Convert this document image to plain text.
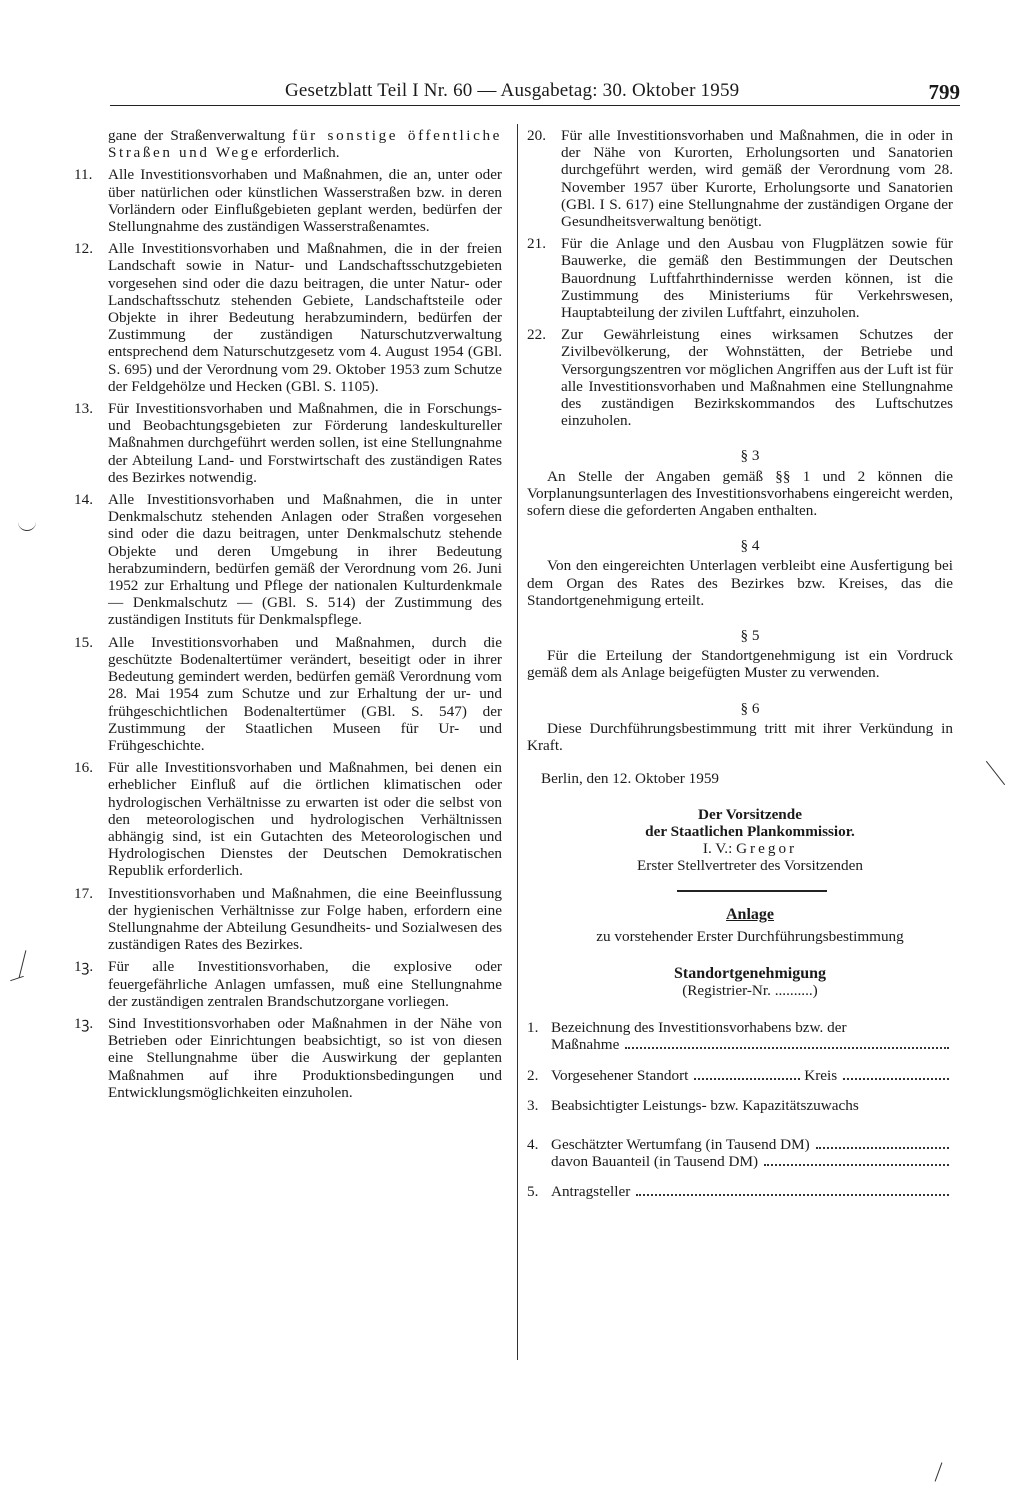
Gesetzblatt Teil I Nr. 60 — Ausgabetag: 30. Oktober 1959	799

gane der Straßenverwaltung für sonstige öffentliche Straßen und Wege erforderlich.

11. Alle Investitionsvorhaben und Maßnahmen, die an, unter oder über natürlichen oder künstlichen Wasserstraßen bzw. in deren Vorländern oder Einflußgebieten geplant werden, bedürfen der Stellungnahme des zuständigen Wasserstraßenamtes.
12. Alle Investitionsvorhaben und Maßnahmen, die in der freien Landschaft sowie in Natur- und Landschaftsschutzgebieten vorgesehen sind oder die dazu beitragen, die unter Natur- oder Landschaftsschutz stehenden Gebiete, Landschaftsteile oder Objekte in ihrer Bedeutung herabzumindern, bedürfen der Zustimmung der zuständigen Naturschutzverwaltung entsprechend dem Naturschutzgesetz vom 4. August 1954 (GBl. S. 695) und der Verordnung vom 29. Oktober 1953 zum Schutze der Feldgehölze und Hecken (GBl. S. 1105).
13. Für Investitionsvorhaben und Maßnahmen, die in Forschungs- und Beobachtungsgebieten zur Förderung landeskultureller Maßnahmen durchgeführt werden sollen, ist eine Stellungnahme der Abteilung Land- und Forstwirtschaft des zuständigen Rates des Bezirkes notwendig.
14. Alle Investitionsvorhaben und Maßnahmen, die in unter Denkmalschutz stehenden Anlagen oder Straßen vorgesehen sind oder die dazu beitragen, unter Denkmalschutz stehende Objekte und deren Umgebung in ihrer Bedeutung herabzumindern, bedürfen gemäß der Verordnung vom 26. Juni 1952 zur Erhaltung und Pflege der nationalen Kulturdenkmale — Denkmalschutz — (GBl. S. 514) der Zustimmung des zuständigen Instituts für Denkmalspflege.
15. Alle Investitionsvorhaben und Maßnahmen, durch die geschützte Bodenaltertümer verändert, beseitigt oder in ihrer Bedeutung gemindert werden, bedürfen gemäß Verordnung vom 28. Mai 1954 zum Schutze und zur Erhaltung der ur- und frühgeschichtlichen Bodenaltertümer (GBl. S. 547) der Zustimmung der Staatlichen Museen für Ur- und Frühgeschichte.
16. Für alle Investitionsvorhaben und Maßnahmen, bei denen ein erheblicher Einfluß auf die örtlichen klimatischen oder hydrologischen Verhältnisse zu erwarten ist oder die selbst von den meteorologischen und hydrologischen Verhältnissen abhängig sind, ist ein Gutachten des Meteorologischen und Hydrologischen Dienstes der Deutschen Demokratischen Republik erforderlich.
17. Investitionsvorhaben und Maßnahmen, die eine Beeinflussung der hygienischen Verhältnisse zur Folge haben, erfordern eine Stellungnahme der Abteilung Gesundheits- und Sozialwesen des zuständigen Rates des Bezirkes.
1ꝫ. Für alle Investitionsvorhaben, die explosive oder feuergefährliche Anlagen umfassen, muß eine Stellungnahme der zuständigen zentralen Brandschutzorgane vorliegen.
1ꝫ. Sind Investitionsvorhaben oder Maßnahmen in der Nähe von Betrieben oder Einrichtungen beabsichtigt, so ist von diesen eine Stellungnahme über die Auswirkung der geplanten Maßnahmen auf ihre Produktionsbedingungen und Entwicklungsmöglichkeiten einzuholen.
20. Für alle Investitionsvorhaben und Maßnahmen, die in oder in der Nähe von Kurorten, Erholungsorten und Sanatorien durchgeführt werden, wird gemäß der Verordnung vom 28. November 1957 über Kurorte, Erholungsorte und Sanatorien (GBl. I S. 617) eine Stellungnahme der zuständigen Organe der Gesundheitsverwaltung benötigt.
21. Für die Anlage und den Ausbau von Flugplätzen sowie für Bauwerke, die gemäß den Bestimmungen der Deutschen Bauordnung Luftfahrthindernisse werden können, ist die Zustimmung des Ministeriums für Verkehrswesen, Hauptabteilung der zivilen Luftfahrt, einzuholen.
22. Zur Gewährleistung eines wirksamen Schutzes der Zivilbevölkerung, der Wohnstätten, der Betriebe und Versorgungszentren vor möglichen Angriffen aus der Luft ist für alle Investitionsvorhaben und Maßnahmen eine Stellungnahme des zuständigen Bezirkskommandos des Luftschutzes einzuholen.
§ 3

An Stelle der Angaben gemäß §§ 1 und 2 können die Vorplanungsunterlagen des Investitionsvorhabens eingereicht werden, sofern diese die geforderten Angaben enthalten.

§ 4

Von den eingereichten Unterlagen verbleibt eine Ausfertigung bei dem Organ des Rates des Bezirkes bzw. Kreises, das die Standortgenehmigung erteilt.

§ 5

Für die Erteilung der Standortgenehmigung ist ein Vordruck gemäß dem als Anlage beigefügten Muster zu verwenden.

§ 6

Diese Durchführungsbestimmung tritt mit ihrer Verkündung in Kraft.

Berlin, den 12. Oktober 1959
Der Vorsitzende
der Staatlichen Plankommissior.
I. V.: Gregor
Erster Stellvertreter des Vorsitzenden
Anlage
zu vorstehender Erster Durchführungsbestimmung
Standortgenehmigung
(Registrier-Nr. ..........)
1. Bezeichnung des Investitionsvorhabens bzw. der
Maßnahme
2. Vorgesehener Standort	Kreis
3. Beabsichtigter Leistungs- bzw. Kapazitätszuwachs
4. Geschätzter Wertumfang (in Tausend DM)
davon Bauanteil (in Tausend DM)
5. Antragsteller
